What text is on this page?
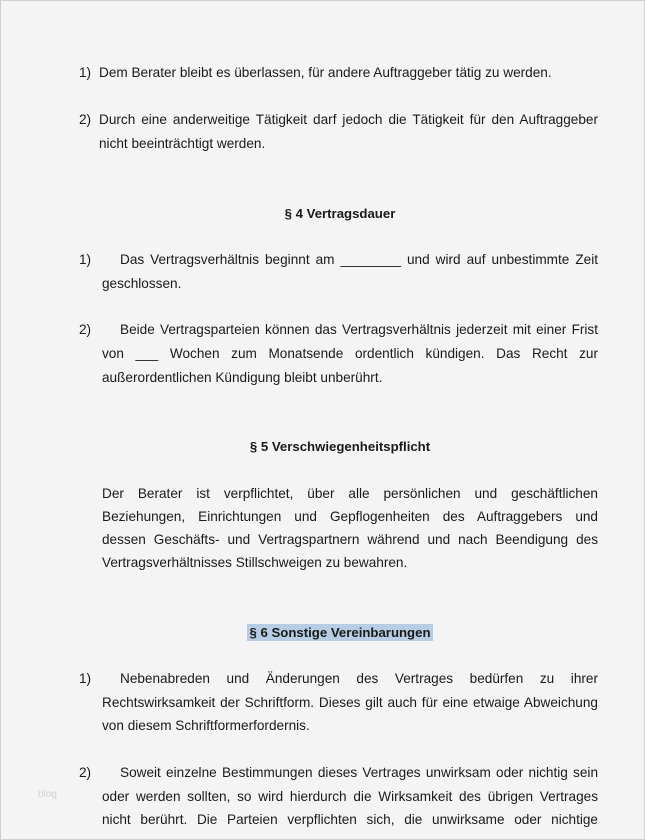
1) Dem Berater bleibt es überlassen, für andere Auftraggeber tätig zu werden.
2) Durch eine anderweitige Tätigkeit darf jedoch die Tätigkeit für den Auftraggeber
nicht beeinträchtigt werden.
§ 4 Vertragsdauer
1) Das Vertragsverhältnis beginnt am ________ und wird auf unbestimmte Zeit
geschlossen.
2) Beide Vertragsparteien können das Vertragsverhältnis jederzeit mit einer Frist
von ___ Wochen zum Monatsende ordentlich kündigen. Das Recht zur
außerordentlichen Kündigung bleibt unberührt.
§ 5 Verschwiegenheitspflicht
Der Berater ist verpflichtet, über alle persönlichen und geschäftlichen
Beziehungen, Einrichtungen und Gepflogenheiten des Auftraggebers und
dessen Geschäfts- und Vertragspartnern während und nach Beendigung des
Vertragsverhältnisses Stillschweigen zu bewahren.
§ 6 Sonstige Vereinbarungen
1) Nebenabreden und Änderungen des Vertrages bedürfen zu ihrer
Rechtswirksamkeit der Schriftform. Dieses gilt auch für eine etwaige Abweichung
von diesem Schriftformerfordernis.
2) Soweit einzelne Bestimmungen dieses Vertrages unwirksam oder nichtig sein
oder werden sollten, so wird hierdurch die Wirksamkeit des übrigen Vertrages
nicht berührt. Die Parteien verpflichten sich, die unwirksame oder nichtige
blog
